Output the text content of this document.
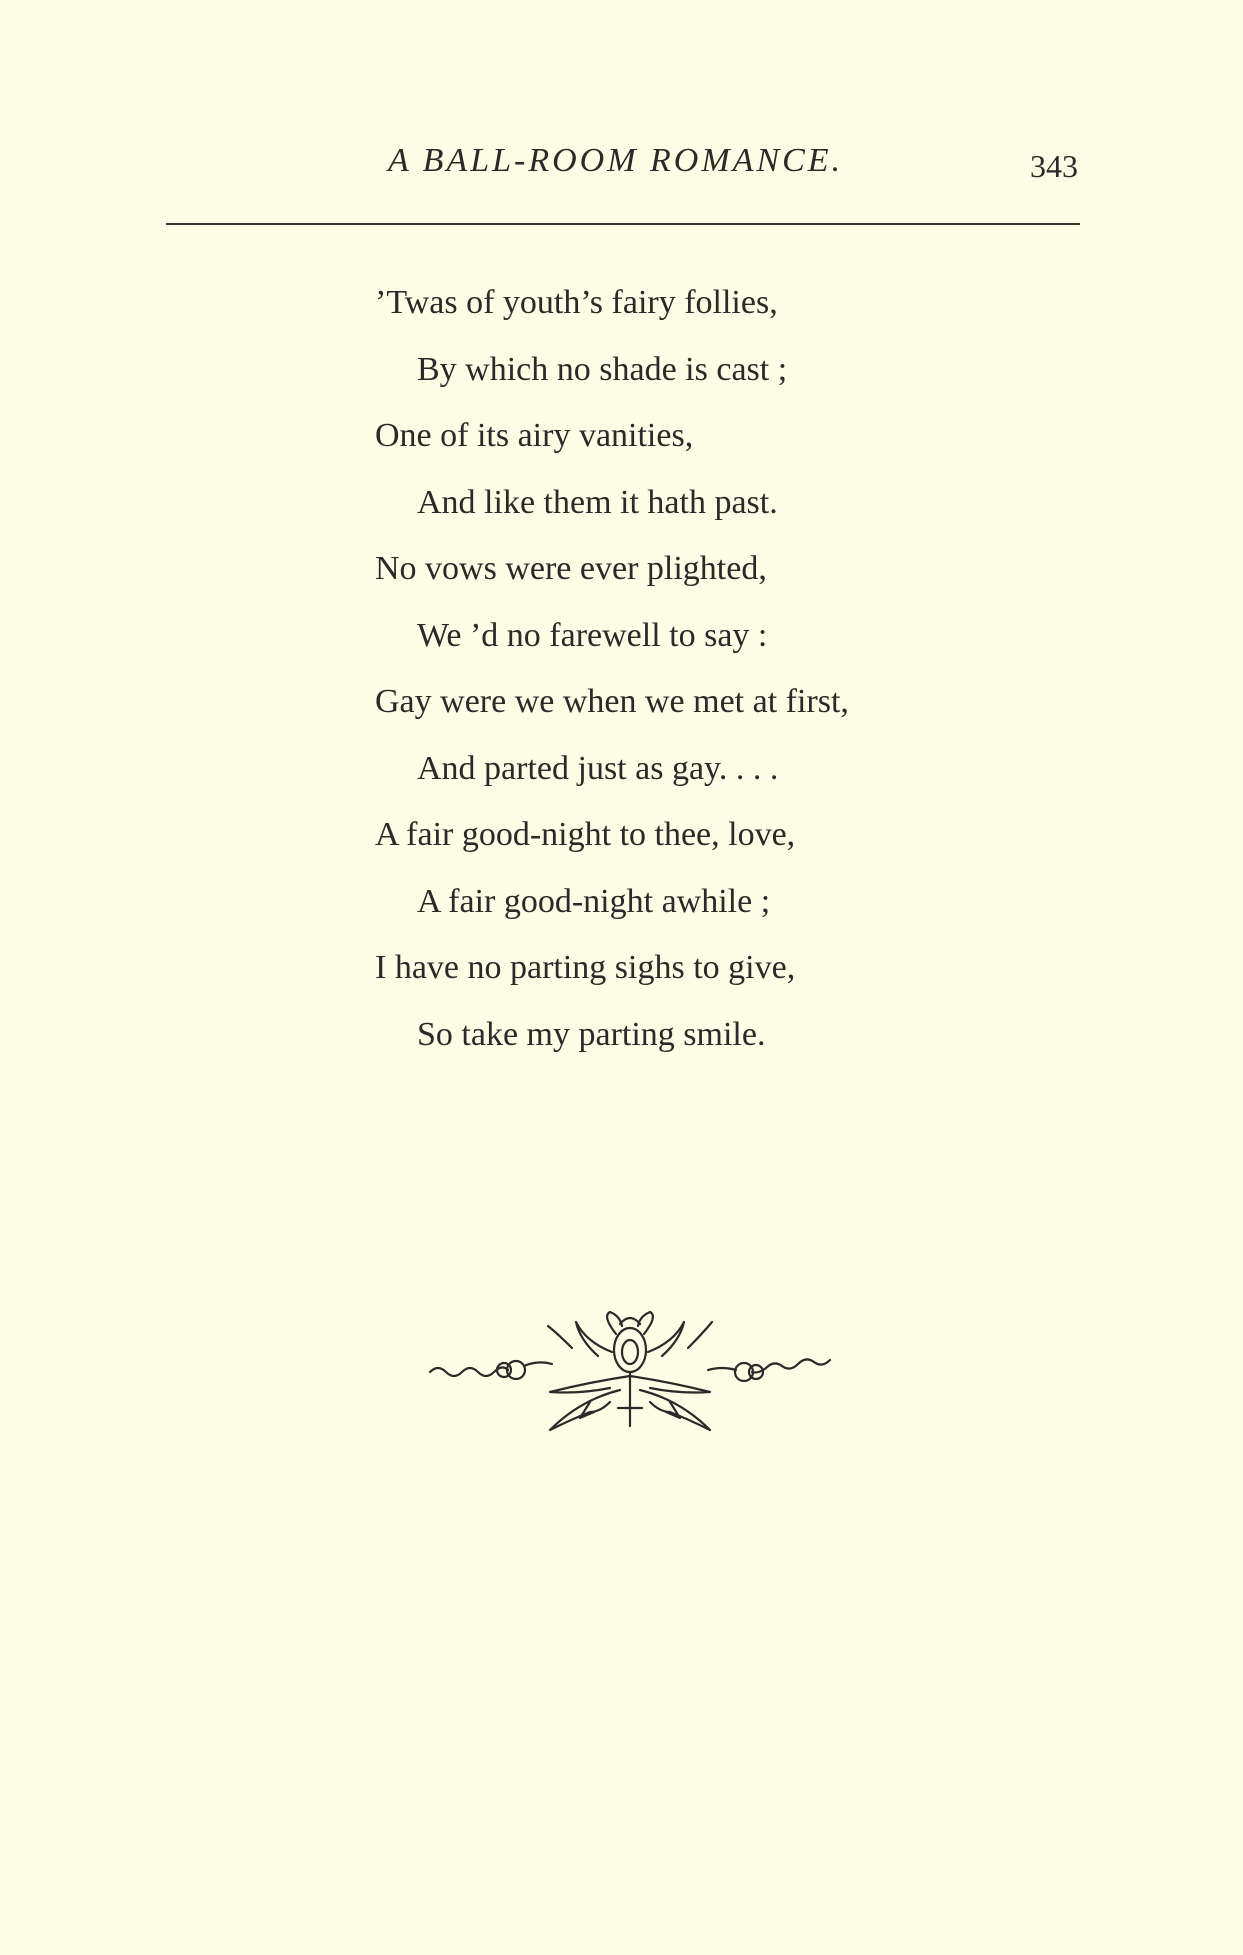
A BALL-ROOM ROMANCE.	343
’Twas of youth’s fairy follies,
By which no shade is cast ;
One of its airy vanities,
And like them it hath past.
No vows were ever plighted,
We ’d no farewell to say :
Gay were we when we met at first,
And parted just as gay. . . .
A fair good-night to thee, love,
A fair good-night awhile ;
I have no parting sighs to give,
So take my parting smile.
